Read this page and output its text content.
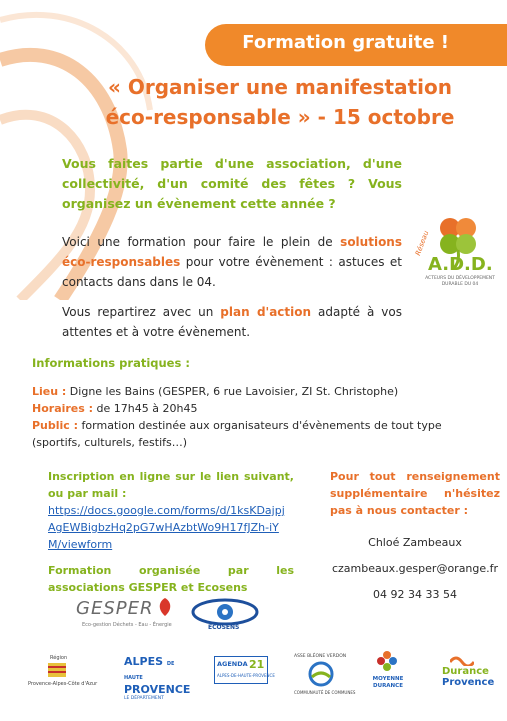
Formation gratuite !
« Organiser une manifestation
éco-responsable » - 15 octobre
Vous faites partie d'une association, d'une collectivité, d'un comité des fêtes ? Vous organisez un évènement cette année ?
Voici une formation pour faire le plein de solutions éco-responsables pour votre évènement : astuces et contacts dans dans le 04.
Vous repartirez avec un plan d'action adapté à vos attentes et à votre évènement.
Réseau
A.D.D.
ACTEURS DU DÉVELOPPEMENT DURABLE DU 04
Informations pratiques :
Lieu : Digne les Bains (GESPER, 6 rue Lavoisier, ZI St. Christophe)
Horaires : de 17h45 à 20h45
Public : formation destinée aux organisateurs d'évènements de tout type (sportifs, culturels, festifs…)
Inscription en ligne sur le lien suivant, ou par mail :
https://docs.google.com/forms/d/1ksKDajpjAgEWBigbzHq2pG7wHAzbtWo9H17fJZh-iYM/viewform
Formation organisée par les associations GESPER et Ecosens
Pour tout renseignement supplémentaire n'hésitez pas à nous contacter :
Chloé Zambeaux
czambeaux.gesper@orange.fr
04 92 34 33 54
GESPER
Eco-gestion Déchets - Eau - Énergie	ECOSENS
Région
Provence-Alpes-Côte d'Azur
ALPES DE HAUTE
PROVENCE
LE DÉPARTEMENT
AGENDA 21
ALPES-DE-HAUTE-PROVENCE
ASSE BLÉONE VERDON
COMMUNAUTÉ DE COMMUNES
MOYENNE
DURANCE
Durance
Provence
